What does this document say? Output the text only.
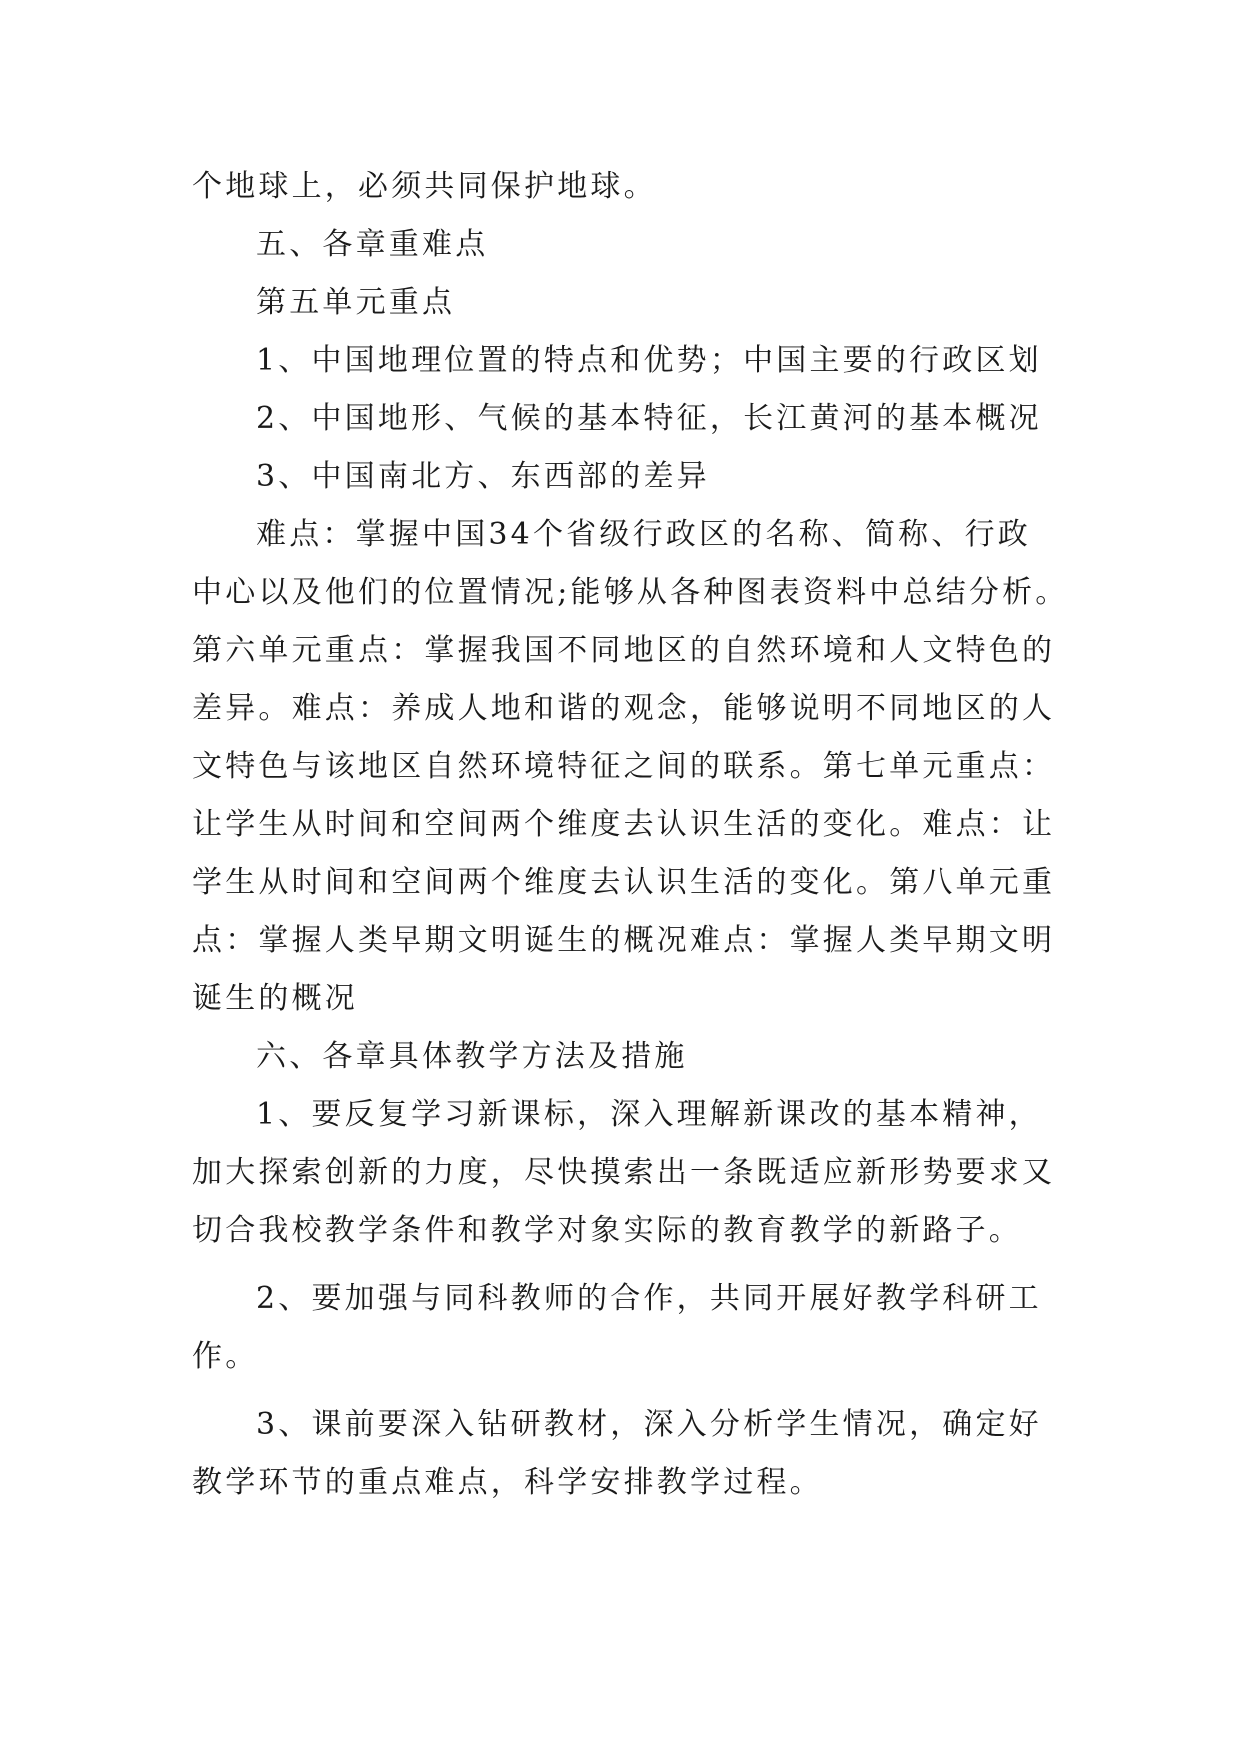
个地球上，必须共同保护地球。
五、各章重难点
第五单元重点
1、中国地理位置的特点和优势；中国主要的行政区划
2、中国地形、气候的基本特征，长江黄河的基本概况
3、中国南北方、东西部的差异
难点：掌握中国34个省级行政区的名称、简称、行政
中心以及他们的位置情况;能够从各种图表资料中总结分析。
第六单元重点：掌握我国不同地区的自然环境和人文特色的
差异。难点：养成人地和谐的观念，能够说明不同地区的人
文特色与该地区自然环境特征之间的联系。第七单元重点：
让学生从时间和空间两个维度去认识生活的变化。难点：让
学生从时间和空间两个维度去认识生活的变化。第八单元重
点：掌握人类早期文明诞生的概况难点：掌握人类早期文明
诞生的概况
六、各章具体教学方法及措施
1、要反复学习新课标，深入理解新课改的基本精神，
加大探索创新的力度，尽快摸索出一条既适应新形势要求又
切合我校教学条件和教学对象实际的教育教学的新路子。
2、要加强与同科教师的合作，共同开展好教学科研工
作。
3、课前要深入钻研教材，深入分析学生情况，确定好
教学环节的重点难点，科学安排教学过程。
